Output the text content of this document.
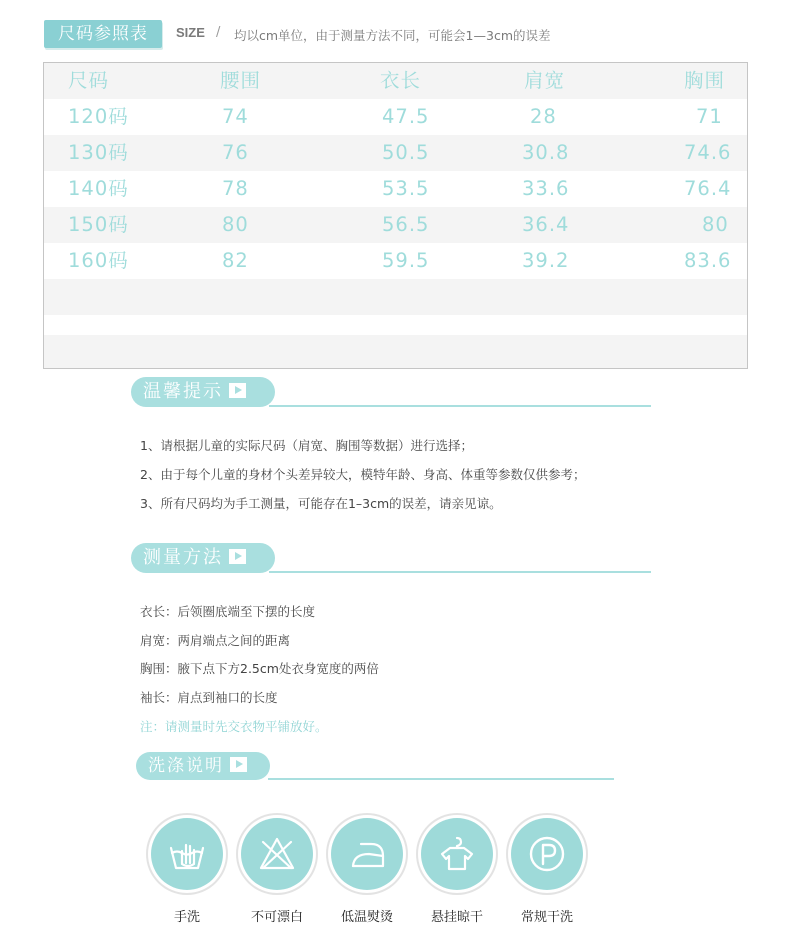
尺码参照表	SIZE / 均以cm单位，由于测量方法不同，可能会1—3cm的误差
尺码	腰围	衣长	肩宽	胸围
120码	74	47.5	28	71
130码	76	50.5	30.8	74.6
140码	78	53.5	33.6	76.4
150码	80	56.5	36.4	80
160码	82	59.5	39.2	83.6
温馨提示
1、请根据儿童的实际尺码（肩宽、胸围等数据）进行选择；
2、由于每个儿童的身材个头差异较大，模特年龄、身高、体重等参数仅供参考；
3、所有尺码均为手工测量，可能存在1–3cm的误差，请亲见谅。
测量方法
衣长：后领圈底端至下摆的长度
肩宽：两肩端点之间的距离
胸围：腋下点下方2.5cm处衣身宽度的两倍
袖长：肩点到袖口的长度
注：请测量时先交衣物平铺放好。
洗涤说明
手洗	不可漂白	低温熨烫	悬挂晾干	常规干洗
